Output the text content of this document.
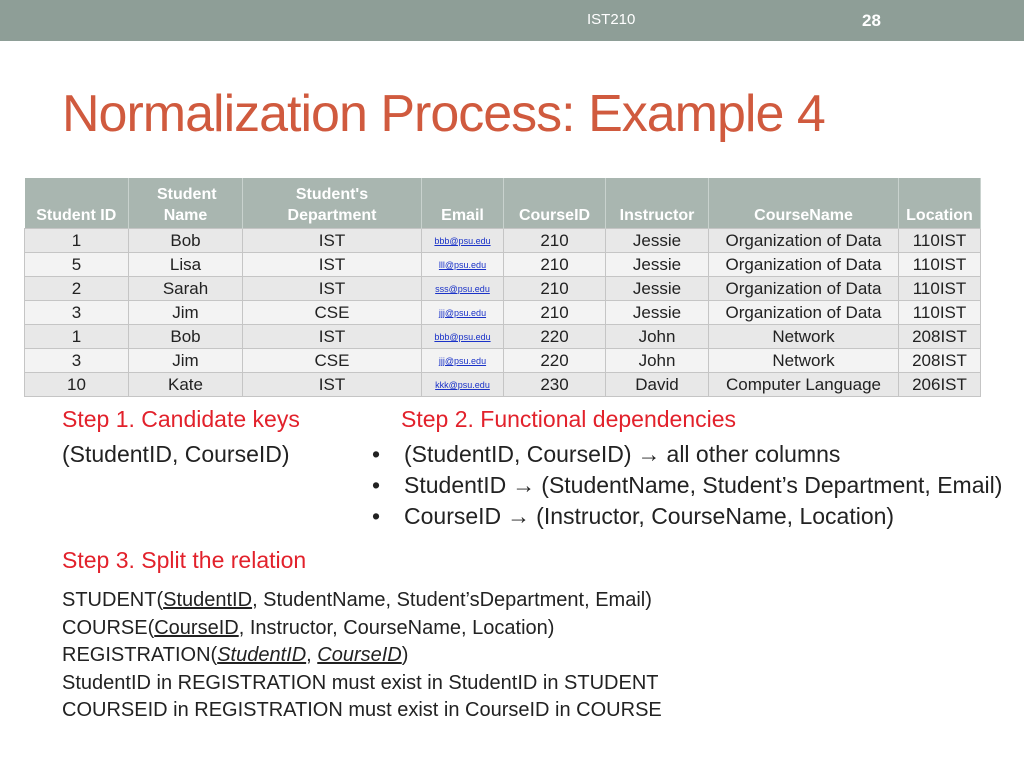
IST210	28
Normalization Process: Example 4
Student ID	Student Name	Student's Department	Email	CourseID	Instructor	CourseName	Location
1	Bob	IST	bbb@psu.edu	210	Jessie	Organization of Data	110IST
5	Lisa	IST	lll@psu.edu	210	Jessie	Organization of Data	110IST
2	Sarah	IST	sss@psu.edu	210	Jessie	Organization of Data	110IST
3	Jim	CSE	jjj@psu.edu	210	Jessie	Organization of Data	110IST
1	Bob	IST	bbb@psu.edu	220	John	Network	208IST
3	Jim	CSE	jjj@psu.edu	220	John	Network	208IST
10	Kate	IST	kkk@psu.edu	230	David	Computer Language	206IST
Step 1. Candidate keys
(StudentID, CourseID)
Step 2. Functional dependencies
• (StudentID, CourseID) → all other columns
• StudentID → (StudentName, Student’s Department, Email)
• CourseID → (Instructor, CourseName, Location)
Step 3. Split the relation
STUDENT(StudentID, StudentName, Student’sDepartment, Email)
COURSE(CourseID, Instructor, CourseName, Location)
REGISTRATION(StudentID, CourseID)
StudentID in REGISTRATION must exist in StudentID in STUDENT
COURSEID in REGISTRATION must exist in CourseID in COURSE
